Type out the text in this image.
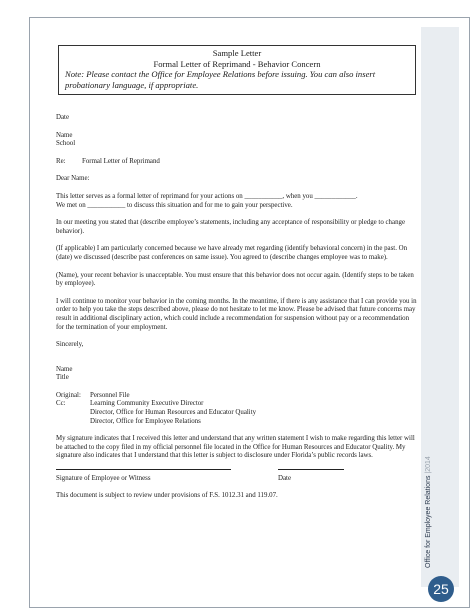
Sample Letter
Formal Letter of Reprimand - Behavior Concern
Note: Please contact the Office for Employee Relations before issuing. You can also insert probationary language, if appropriate.

Date

Name

School

Re: Formal Letter of Reprimand

Dear Name:

This letter serves as a formal letter of reprimand for your actions on ___________, when you ____________.

We met on ___________ to discuss this situation and for me to gain your perspective.

In our meeting you stated that (describe employee’s statements, including any acceptance of responsibility or pledge to change behavior).

(If applicable) I am particularly concerned because we have already met regarding (identify behavioral concern) in the past. On (date) we discussed (describe past conferences on same issue). You agreed to (describe changes employee was to make).

(Name), your recent behavior is unacceptable. You must ensure that this behavior does not occur again. (Identify steps to be taken by employee).

I will continue to monitor your behavior in the coming months. In the meantime, if there is any assistance that I can provide you in order to help you take the steps described above, please do not hesitate to let me know. Please be advised that future concerns may result in additional disciplinary action, which could include a recommendation for suspension without pay or a recommendation for the termination of your employment.

Sincerely,

Name

Title

Original: Personnel File

Cc:	Learning Community Executive Director

Director, Office for Human Resources and Educator Quality

Director, Office for Employee Relations

My signature indicates that I received this letter and understand that any written statement I wish to make regarding this letter will be attached to the copy filed in my official personnel file located in the Office for Human Resources and Educator Quality. My signature also indicates that I understand that this letter is subject to disclosure under Florida’s public records laws.

Signature of Employee or Witness	Date

This document is subject to review under provisions of F.S. 1012.31 and 119.07.	Office for Employee Relations |2014
25
